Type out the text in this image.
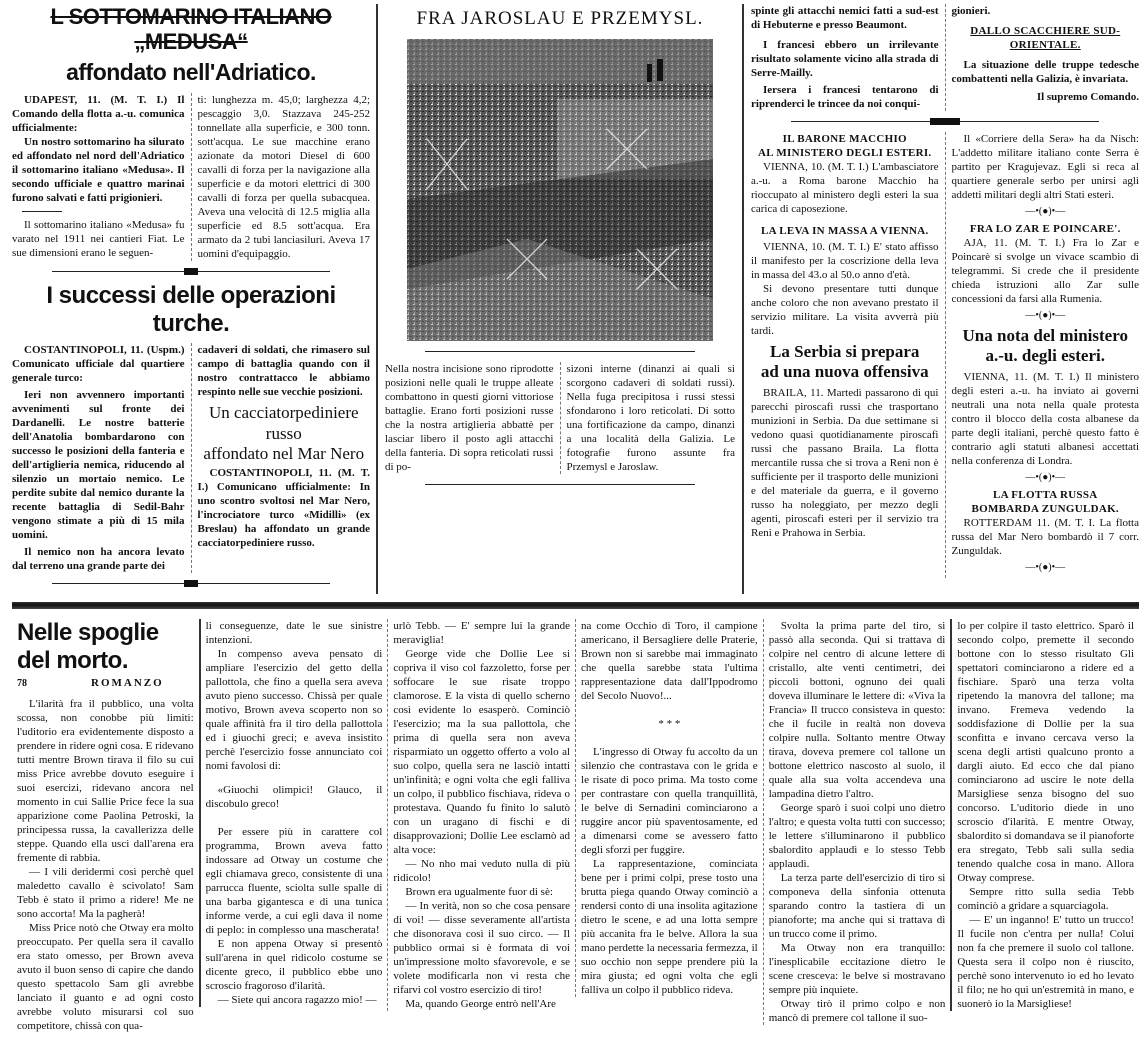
L SOTTOMARINO ITALIANO „MEDUSA“
affondato nell'Adriatico.

UDAPEST, 11. (M. T. I.) Il Comando della flotta a.-u. comunica ufficialmente:

Un nostro sottomarino ha silurato ed affondato nel nord dell'Adriatico il sottomarino italiano «Medusa». Il secondo ufficiale e quattro marinai furono salvati e fatti prigionieri.

Il sottomarino italiano «Medusa» fu varato nel 1911 nei cantieri Fiat. Le sue dimensioni erano le seguen-

ti: lunghezza m. 45,0; larghezza 4,2; pescaggio 3,0. Stazzava 245-252 tonnellate alla superficie, e 300 tonn. sott'acqua. Le sue macchine erano azionate da motori Diesel di 600 cavalli di forza per la navigazione alla superficie e da motori elettrici di 300 cavalli di forza per quella subacquea. Aveva una velocità di 12.5 miglia alla superficie ed 8.5 sott'acqua. Era armato da 2 tubi lanciasiluri. Aveva 17 uomini d'equipaggio.

I successi delle operazioni turche.

COSTANTINOPOLI, 11. (Uspm.) Comunicato ufficiale dal quartiere generale turco:

Ieri non avvennero importanti avvenimenti sul fronte dei Dardanelli. Le nostre batterie dell'Anatolia bombardarono con successo le posizioni della fanteria e dell'artiglieria nemica, riducendo al silenzio un mortaio nemico. Le perdite subite dal nemico durante la recente battaglia di Sedil-Bahr vengono stimate a più di 15 mila uomini.

Il nemico non ha ancora levato dal terreno una grande parte dei

cadaveri di soldati, che rimasero sul campo di battaglia quando con il nostro contrattacco le abbiamo respinto nelle sue vecchie posizioni.

Un cacciatorpediniere
russo
affondato nel Mar Nero

COSTANTINOPOLI, 11. (M. T. I.) Comunicano ufficialmente: In uno scontro svoltosi nel Mar Nero, l'incrociatore turco «Midilli» (ex Breslau) ha affondato un grande cacciatorpediniere russo.

FRA JAROSLAU E PRZEMYSL.
Nella nostra incisione sono riprodotte posizioni nelle quali le truppe alleate combattono in questi giorni vittoriose battaglie. Erano forti posizioni russe che la nostra artiglieria abbattè per lasciar libero il posto agli attacchi della fanteria. Di sopra reticolati russi di po-
sizoni interne (dinanzi ai quali si scorgono cadaveri di soldati russi). Nella fuga precipitosa i russi stessi sfondarono i loro reticolati. Di sotto una fortificazione da campo, dinanzi a una località della Galizia. Le fotografie furono assunte fra Przemysl e Jaroslaw.

spinte gli attacchi nemici fatti a sud-est di Hebuterne e presso Beaumont.

I francesi ebbero un irrilevante risultato solamente vicino alla strada di Serre-Mailly.

Iersera i francesi tentarono di riprenderci le trincee da noi conqui-

gionieri.

DALLO SCACCHIERE SUD-ORIENTALE.

La situazione delle truppe tedesche combattenti nella Galizia, è invariata.

Il supremo Comando.
IL BARONE MACCHIO
AL MINISTERO DEGLI ESTERI.

VIENNA, 10. (M. T. I.) L'ambasciatore a.-u. a Roma barone Macchio ha rioccupato al ministero degli esteri la sua carica di caposezione.

LA LEVA IN MASSA A VIENNA.

VIENNA, 10. (M. T. I.) E' stato affisso il manifesto per la coscrizione della leva in massa del 43.o al 50.o anno d'età.

Si devono presentare tutti dunque anche coloro che non avevano prestato il servizio militare. La visita avverrà più tardi.

La Serbia si prepara
ad una nuova offensiva

BRAILA, 11. Martedì passarono di qui parecchi piroscafi russi che trasportano munizioni in Serbia. Da due settimane si vedono quasi quotidianamente piroscafi russi che passano Braila. La flotta mercantile russa che si trova a Reni non è sufficiente per il trasporto delle munizioni e del materiale da guerra, e il governo russo ha noleggiato, per mezzo degli agenti, piroscafi esteri per il servizio tra Reni e Prahowa in Serbia.

Il «Corriere della Sera» ha da Nisch: L'addetto militare italiano conte Serra è partito per Kragujevaz. Egli si reca al quartiere generale serbo per unirsi agli addetti militari degli altri Stati esteri.

—•(●)•—
FRA LO ZAR E POINCARE'.

AJA, 11. (M. T. I.) Fra lo Zar e Poincarè si svolge un vivace scambio di telegrammi. Si crede che il presidente chieda istruzioni allo Zar sulle concessioni da farsi alla Rumenia.

—•(●)•—
Una nota del ministero
a.-u. degli esteri.

VIENNA, 11. (M. T. I.) Il ministero degli esteri a.-u. ha inviato ai governi neutrali una nota nella quale protesta contro il blocco della costa albanese da parte degli italiani, perchè questo fatto è contrario agli statuti albanesi accettati nella conferenza di Londra.

—•(●)•—
LA FLOTTA RUSSA
BOMBARDA ZUNGULDAK.

ROTTERDAM 11. (M. T. I. La flotta russa del Mar Nero bombardò il 7 corr. Zunguldak.

—•(●)•—
Nelle spoglie del morto.
78	ROMANZO

L'ilarità fra il pubblico, una volta scossa, non conobbe più limiti: l'uditorio era evidentemente disposto a prendere in ridere ogni cosa. E ridevano tutti mentre Brown tirava il filo su cui miss Price avrebbe dovuto eseguire i suoi esercizi, ridevano ancora nel momento in cui Sallie Price fece la sua apparizione come Paolina Petroski, la principessa russa, la cavallerizza delle steppe. Quando ella uscì dall'arena era fremente di rabbia.

— I vili deridermi così perchè quel maledetto cavallo è scivolato! Sam Tebb è stato il primo a ridere! Me ne sono accorta! Ma la pagherà!

Miss Price notò che Otway era molto preoccupato. Per quella sera il cavallo era stato omesso, per Brown aveva avuto il buon senso di capire che dando questo spettacolo Sam gli avrebbe lanciato il guanto e ad ogni costo avrebbe voluto misurarsi col suo competitore, chissà con qua-

li conseguenze, date le sue sinistre intenzioni.

In compenso aveva pensato di ampliare l'esercizio del getto della pallottola, che fino a quella sera aveva avuto pieno successo. Chissà per quale motivo, Brown aveva scoperto non so quale affinità fra il tiro della pallottola ed i giuochi greci; e aveva insistito perchè l'esercizio fosse annunciato coi nomi favolosi di:

«Giuochi olimpici! Glauco, il discobulo greco!

Per essere più in carattere col programma, Brown aveva fatto indossare ad Otway un costume che egli chiamava greco, consistente di una parrucca fluente, sciolta sulle spalle di una barba gigantesca e di una tunica informe verde, a cui egli dava il nome di peplo: in complesso una mascherata!

E non appena Otway si presentò sull'arena in quel ridicolo costume se dicente greco, il pubblico ebbe uno scroscio fragoroso d'ilarità.

— Siete qui ancora ragazzo mio! —

urlò Tebb. — E' sempre lui la grande meraviglia!

George vide che Dollie Lee si copriva il viso col fazzoletto, forse per soffocare le sue risate troppo clamorose. E la vista di quello scherno così evidente lo esasperò. Cominciò l'esercizio; ma la sua pallottola, che prima di quella sera non aveva risparmiato un oggetto offerto a volo al suo colpo, quella sera ne lasciò intatti un'infinità; e ogni volta che egli falliva un colpo, il pubblico fischiava, rideva o protestava. Quando fu finito lo salutò con un uragano di fischi e di disapprovazioni; Dollie Lee esclamò ad alta voce:

— No nho mai veduto nulla di più ridicolo!

Brown era ugualmente fuor di sè:

— In verità, non so che cosa pensare di voi! — disse severamente all'artista che disonorava così il suo circo. — Il pubblico ormai si è formata di voi un'impressione molto sfavorevole, e se volete modificarla non vi resta che rifarvi col vostro esercizio di tiro!

Ma, quando George entrò nell'Are

na come Occhio di Toro, il campione americano, il Bersagliere delle Praterie, Brown non si sarebbe mai immaginato che quella sarebbe stata l'ultima rappresentazione data dall'Ippodromo del Secolo Nuovo!...

* * *

L'ingresso di Otway fu accolto da un silenzio che contrastava con le grida e le risate di poco prima. Ma tosto come per contrastare con quella tranquillità, le belve di Sernadini cominciarono a ruggire ancor più spaventosamente, ed a dimenarsi come se avessero fatto degli sforzi per fuggire.

La rappresentazione, cominciata bene per i primi colpi, prese tosto una brutta piega quando Otway cominciò a rendersi conto di una insolita agitazione dietro le scene, e ad una lotta sempre più accanita fra le belve. Allora la sua mano perdette la necessaria fermezza, il suo occhio non seppe prendere più la mira giusta; ed ogni volta che egli falliva un colpo il pubblico rideva.

Svolta la prima parte del tiro, si passò alla seconda. Qui si trattava di colpire nel centro di alcune lettere di cristallo, alte venti centimetri, dei piccoli bottoni, ognuno dei quali doveva illuminare le lettere di: «Viva la Francia» Il trucco consisteva in questo: che il fucile in realtà non doveva colpire nulla. Soltanto mentre Otway tirava, doveva premere col tallone un bottone elettrico nascosto al suolo, il quale alla sua volta accendeva una lampadina dietro l'altro.

George sparò i suoi colpi uno dietro l'altro; e questa volta tutti con successo; le lettere s'illuminarono il pubblico sbalordito applaudì e lo stesso Tebb applaudì.

La terza parte dell'esercizio di tiro si componeva della sinfonia ottenuta sparando contro la tastiera di un pianoforte; ma anche qui si trattava di un trucco come il primo.

Ma Otway non era tranquillo: l'inesplicabile eccitazione dietro le scene cresceva: le belve si mostravano sempre più inquiete.

Otway tirò il primo colpo e non mancò di premere col tallone il suo-

lo per colpire il tasto elettrico. Sparò il secondo colpo, premette il secondo bottone con lo stesso risultato Gli spettatori cominciarono a ridere ed a fischiare. Sparò una terza volta ripetendo la manovra del tallone; ma invano. Fremeva vedendo la soddisfazione di Dollie per la sua sconfitta e invano cercava verso la scena degli artisti qualcuno pronto a dargli aiuto. Ed ecco che dal piano cominciarono ad uscire le note della Marsigliese senza bisogno del suo concorso. L'uditorio diede in uno scroscio d'ilarità. E mentre Otway, sbalordito si domandava se il pianoforte era stregato, Tebb salì sulla sedia tenendo qualche cosa in mano. Allora Otway comprese.

Sempre ritto sulla sedia Tebb cominciò a gridare a squarciagola.

— E' un inganno! E' tutto un trucco! Il fucile non c'entra per nulla! Colui non fa che premere il suolo col tallone. Questa sera il colpo non è riuscito, perchè sono intervenuto io ed ho levato il filo; ne ho qui un'estremità in mano, e suonerò io la Marsigliese!
